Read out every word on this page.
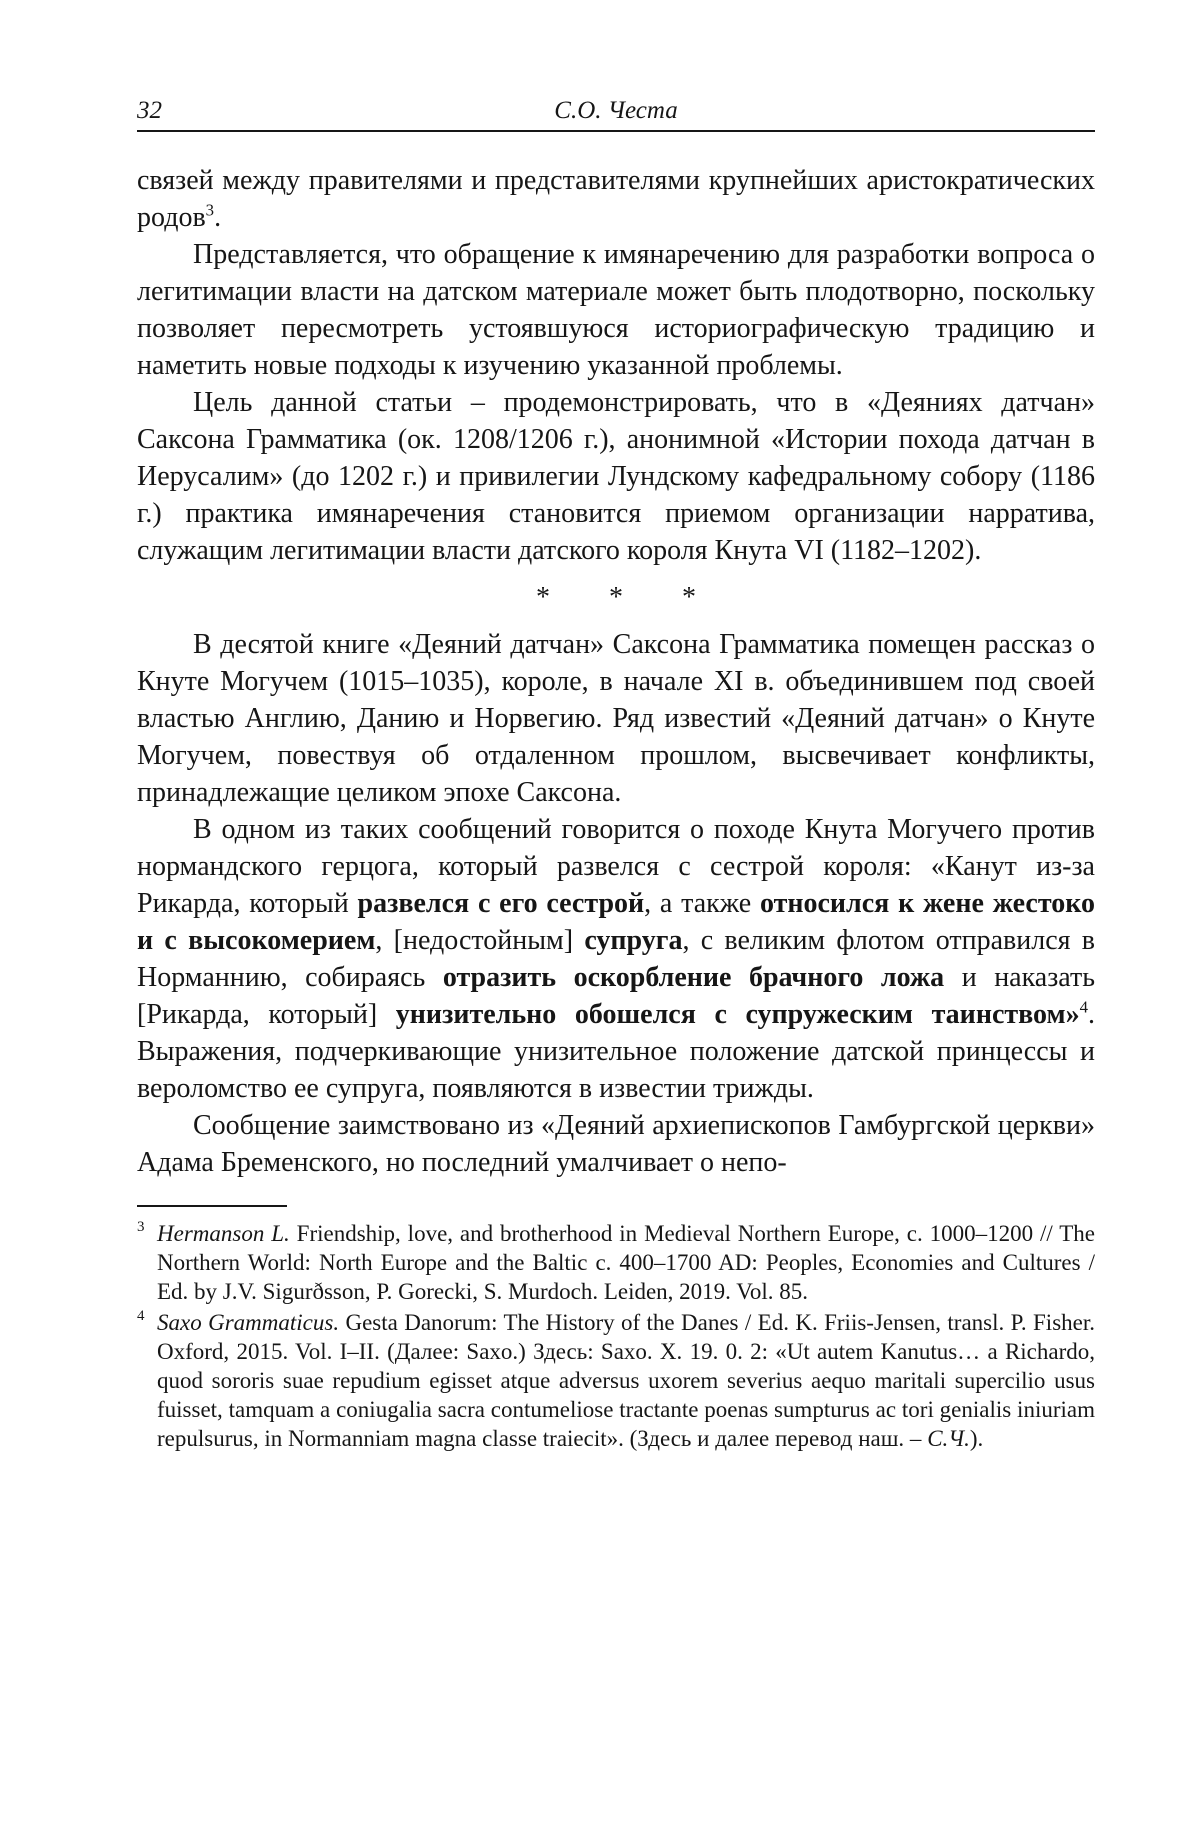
32	С.О. Честа

связей между правителями и представителями крупнейших аристократических родов$^3$.

Представляется, что обращение к имянаречению для разработки вопроса о легитимации власти на датском материале может быть плодотворно, поскольку позволяет пересмотреть устоявшуюся историографическую традицию и наметить новые подходы к изучению указанной проблемы.

Цель данной статьи – продемонстрировать, что в «Деяниях датчан» Саксона Грамматика (ок. 1208/1206 г.), анонимной «Истории похода датчан в Иерусалим» (до 1202 г.) и привилегии Лундскому кафедральному собору (1186 г.) практика имянаречения становится приемом организации нарратива, служащим легитимации власти датского короля Кнута VI (1182–1202).

* * *

В десятой книге «Деяний датчан» Саксона Грамматика помещен рассказ о Кнуте Могучем (1015–1035), короле, в начале XI в. объединившем под своей властью Англию, Данию и Норвегию. Ряд известий «Деяний датчан» о Кнуте Могучем, повествуя об отдаленном прошлом, высвечивает конфликты, принадлежащие целиком эпохе Саксона.

В одном из таких сообщений говорится о походе Кнута Могучего против нормандского герцога, который развелся с сестрой короля: «Канут из-за Рикарда, который развелся с его сестрой, а также относился к жене жестоко и с высокомерием, [недостойным] супруга, с великим флотом отправился в Норманнию, собираясь отразить оскорбление брачного ложа и наказать [Рикарда, который] унизительно обошелся с супружеским таинством»$^4$. Выражения, подчеркивающие унизительное положение датской принцессы и вероломство ее супруга, появляются в известии трижды.

Сообщение заимствовано из «Деяний архиепископов Гамбургской церкви» Адама Бременского, но последний умалчивает о непо-

3 Hermanson L. Friendship, love, and brotherhood in Medieval Northern Europe, c. 1000–1200 // The Northern World: North Europe and the Baltic c. 400–1700 AD: Peoples, Economies and Cultures / Ed. by J.V. Sigurðsson, P. Gorecki, S. Murdoch. Leiden, 2019. Vol. 85.

4 Saxo Grammaticus. Gesta Danorum: The History of the Danes / Ed. K. Friis-Jensen, transl. P. Fisher. Oxford, 2015. Vol. I–II. (Далее: Saxo.) Здесь: Saxo. X. 19. 0. 2: «Ut autem Kanutus… a Richardo, quod sororis suae repudium egisset atque adversus uxorem severius aequo maritali supercilio usus fuisset, tamquam a coniugalia sacra contumeliose tractante poenas sumpturus ac tori genialis iniuriam repulsurus, in Normanniam magna classe traiecit». (Здесь и далее перевод наш. – С.Ч.).
